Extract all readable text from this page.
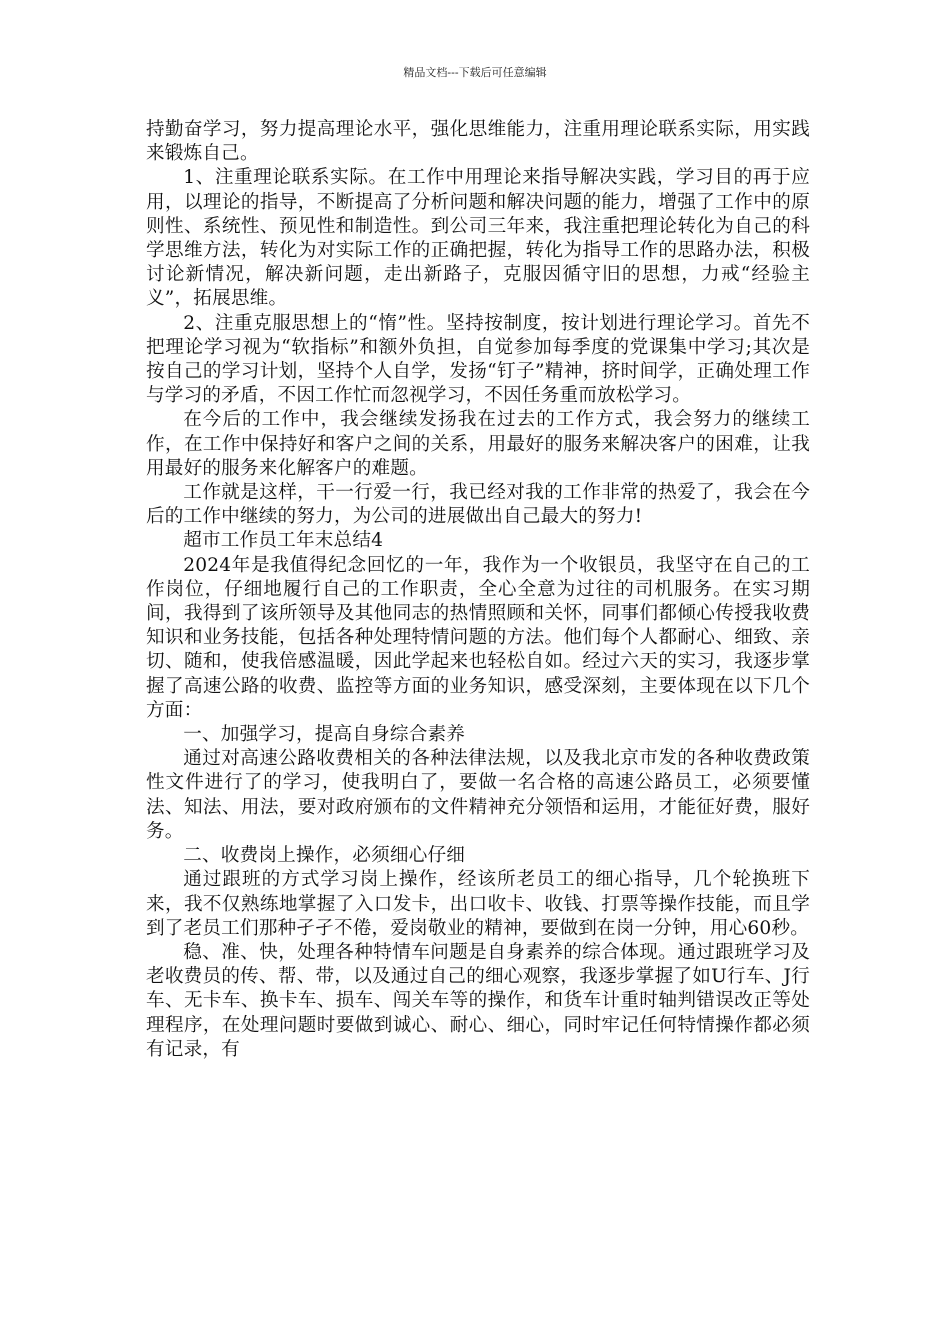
精品文档---下载后可任意编辑

持勤奋学习，努力提高理论水平，强化思维能力，注重用理论联系实际，用实践来锻炼自己。

1、注重理论联系实际。在工作中用理论来指导解决实践，学习目的再于应用，以理论的指导，不断提高了分析问题和解决问题的能力，增强了工作中的原则性、系统性、预见性和制造性。到公司三年来，我注重把理论转化为自己的科学思维方法，转化为对实际工作的正确把握，转化为指导工作的思路办法，积极讨论新情况，解决新问题，走出新路子，克服因循守旧的思想，力戒“经验主义”，拓展思维。

2、注重克服思想上的“惰”性。坚持按制度，按计划进行理论学习。首先不把理论学习视为“软指标”和额外负担，自觉参加每季度的党课集中学习;其次是按自己的学习计划，坚持个人自学，发扬“钉子”精神，挤时间学，正确处理工作与学习的矛盾，不因工作忙而忽视学习，不因任务重而放松学习。

在今后的工作中，我会继续发扬我在过去的工作方式，我会努力的继续工作，在工作中保持好和客户之间的关系，用最好的服务来解决客户的困难，让我用最好的服务来化解客户的难题。

工作就是这样，干一行爱一行，我已经对我的工作非常的热爱了，我会在今后的工作中继续的努力，为公司的进展做出自己最大的努力!

超市工作员工年末总结4

2024年是我值得纪念回忆的一年，我作为一个收银员，我坚守在自己的工作岗位，仔细地履行自己的工作职责，全心全意为过往的司机服务。在实习期间，我得到了该所领导及其他同志的热情照顾和关怀，同事们都倾心传授我收费知识和业务技能，包括各种处理特情问题的方法。他们每个人都耐心、细致、亲切、随和，使我倍感温暖，因此学起来也轻松自如。经过六天的实习，我逐步掌握了高速公路的收费、监控等方面的业务知识，感受深刻，主要体现在以下几个方面：

一、加强学习，提高自身综合素养

通过对高速公路收费相关的各种法律法规，以及我北京市发的各种收费政策性文件进行了的学习，使我明白了，要做一名合格的高速公路员工，必须要懂法、知法、用法，要对政府颁布的文件精神充分领悟和运用，才能征好费，服好务。

二、收费岗上操作，必须细心仔细

通过跟班的方式学习岗上操作，经该所老员工的细心指导，几个轮换班下来，我不仅熟练地掌握了入口发卡，出口收卡、收钱、打票等操作技能，而且学到了老员工们那种孑孑不倦，爱岗敬业的精神，要做到在岗一分钟，用心60秒。

稳、准、快，处理各种特情车问题是自身素养的综合体现。通过跟班学习及老收费员的传、帮、带，以及通过自己的细心观察，我逐步掌握了如U行车、J行车、无卡车、换卡车、损车、闯关车等的操作，和货车计重时轴判错误改正等处理程序，在处理问题时要做到诚心、耐心、细心，同时牢记任何特情操作都必须有记录，有
